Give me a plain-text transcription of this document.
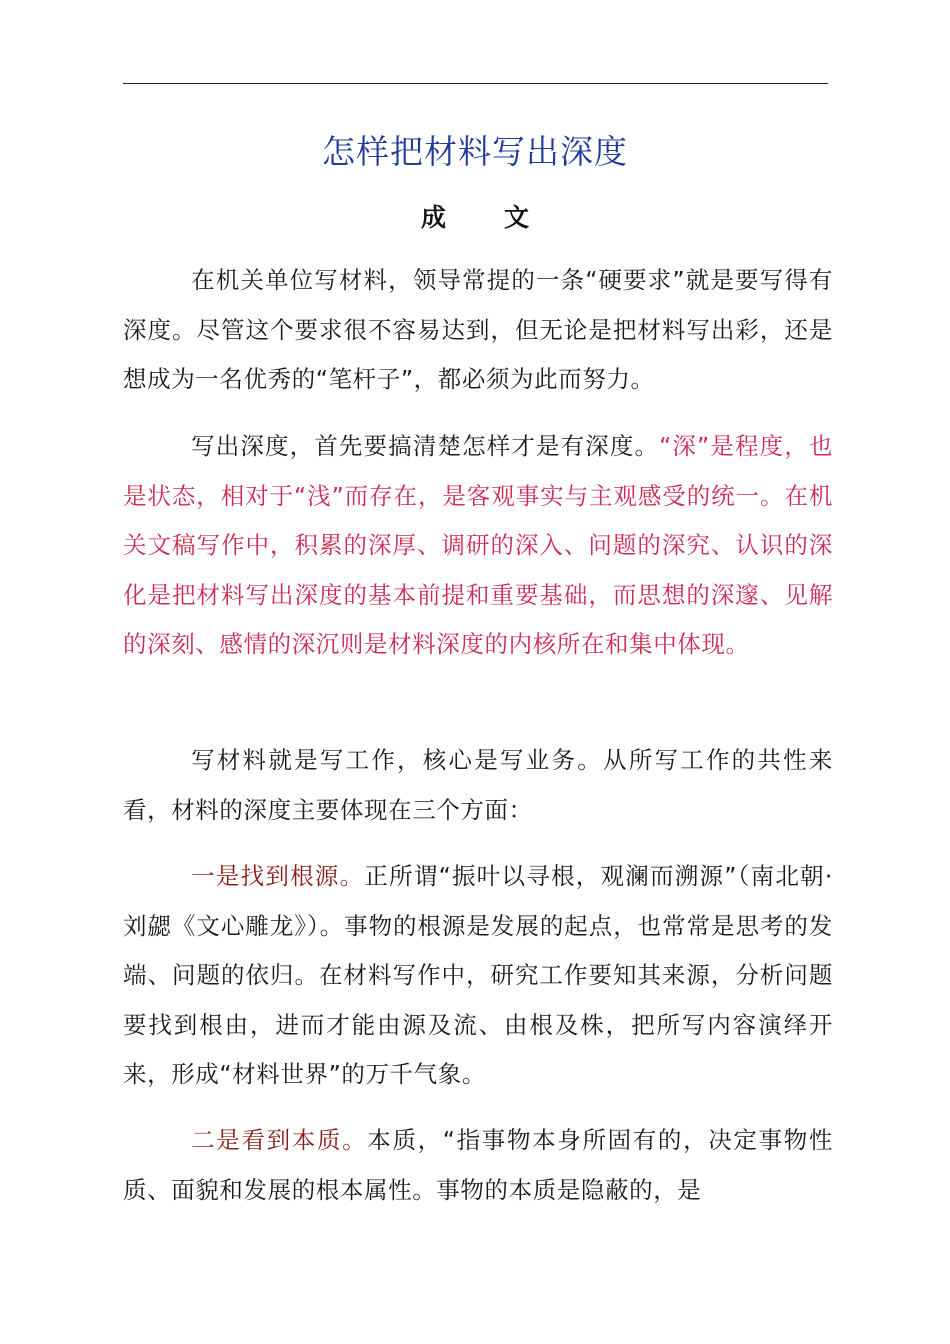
怎样把材料写出深度
成 文

在机关单位写材料，领导常提的一条“硬要求”就是要写得有深度。尽管这个要求很不容易达到，但无论是把材料写出彩，还是想成为一名优秀的“笔杆子”，都必须为此而努力。

写出深度，首先要搞清楚怎样才是有深度。“深”是程度，也是状态，相对于“浅”而存在，是客观事实与主观感受的统一。在机关文稿写作中，积累的深厚、调研的深入、问题的深究、认识的深化是把材料写出深度的基本前提和重要基础，而思想的深邃、见解的深刻、感情的深沉则是材料深度的内核所在和集中体现。

写材料就是写工作，核心是写业务。从所写工作的共性来看，材料的深度主要体现在三个方面：

一是找到根源。正所谓“振叶以寻根，观澜而溯源”（南北朝·刘勰《文心雕龙》）。事物的根源是发展的起点，也常常是思考的发端、问题的依归。在材料写作中，研究工作要知其来源，分析问题要找到根由，进而才能由源及流、由根及株，把所写内容演绎开来，形成“材料世界”的万千气象。

二是看到本质。本质，“指事物本身所固有的，决定事物性质、面貌和发展的根本属性。事物的本质是隐蔽的，是
